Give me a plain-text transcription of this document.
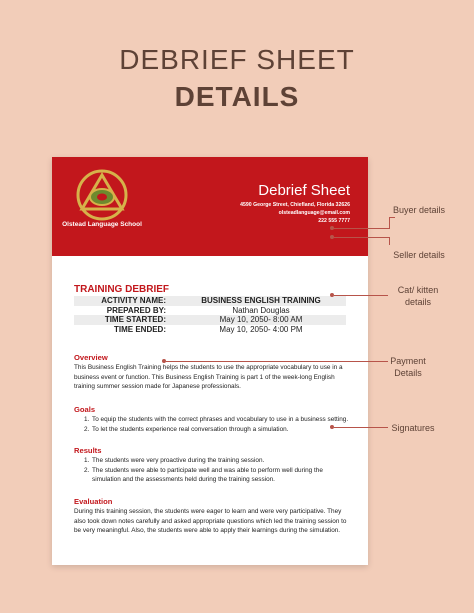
DEBRIEF SHEET
DETAILS
Olstead Language School
Debrief Sheet
4590 George Street, Chiefland, Florida 32626
olsteadlanguage@email.com
222 555 7777
TRAINING DEBRIEF
ACTIVITY NAME:	BUSINESS ENGLISH TRAINING
PREPARED BY:	Nathan Douglas
TIME STARTED:	May 10, 2050- 8:00 AM
TIME ENDED:	May 10, 2050- 4:00 PM
Overview
This Business English Training helps the students to use the appropriate vocabulary to use in a
business event or function. This Business English Training is part 1 of the week-long English
training summer session made for Japanese professionals.
Goals
1. To equip the students with the correct phrases and vocabulary to use in a business setting.
2. To let the students experience real conversation through a simulation.
Results
1. The students were very proactive during the training session.
2. The students were able to participate well and was able to perform well during the
simulation and the assessments held during the training session.
Evaluation
During this training session, the students were eager to learn and were very participative. They
also took down notes carefully and asked appropriate questions which led the training session to
be very meaningful. Also, the students were able to apply their learnings during the simulation.
Buyer details
Seller details
Cat/ kitten
details
Payment
Details
Signatures
